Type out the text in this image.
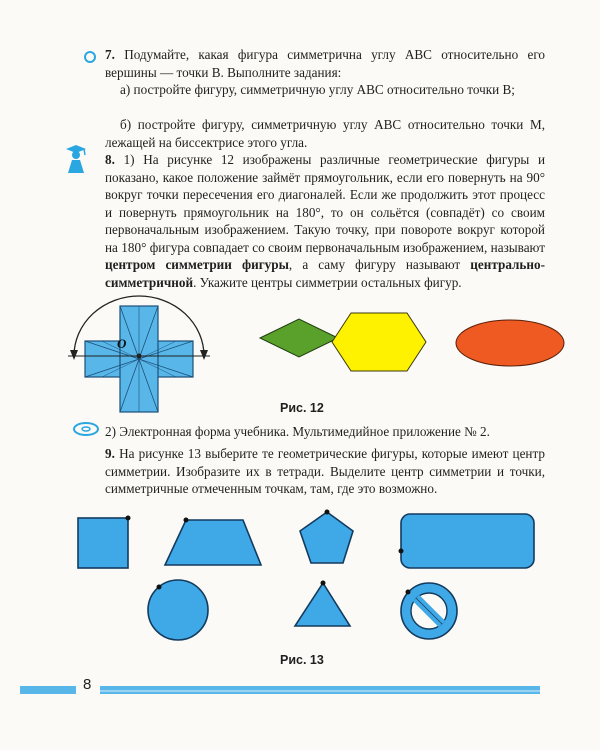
7. Подумайте, какая фигура симметрична углу ABC относительно его вершины — точки B. Выполните задания:

а) постройте фигуру, симметричную углу ABC относительно точки B;

б) постройте фигуру, симметричную углу ABC относительно точки M, лежащей на биссектрисе этого угла.

8. 1) На рисунке 12 изображены различные геометрические фигуры и показано, какое положение займёт прямоугольник, если его повернуть на 90° вокруг точки пересечения его диагоналей. Если же продолжить этот процесс и повернуть прямоугольник на 180°, то он сольётся (совпадёт) со своим первоначальным изображением. Такую точку, при повороте вокруг которой на 180° фигура совпадает со своим первоначальным изображением, называют центром симметрии фигуры, а саму фигуру называют центрально-симметричной. Укажите центры симметрии остальных фигур.

O
Рис. 12

2) Электронная форма учебника. Мультимедийное приложение № 2.

9. На рисунке 13 выберите те геометрические фигуры, которые имеют центр симметрии. Изобразите их в тетради. Выделите центр симметрии и точки, симметричные отмеченным точкам, там, где это возможно.

Рис. 13
8
